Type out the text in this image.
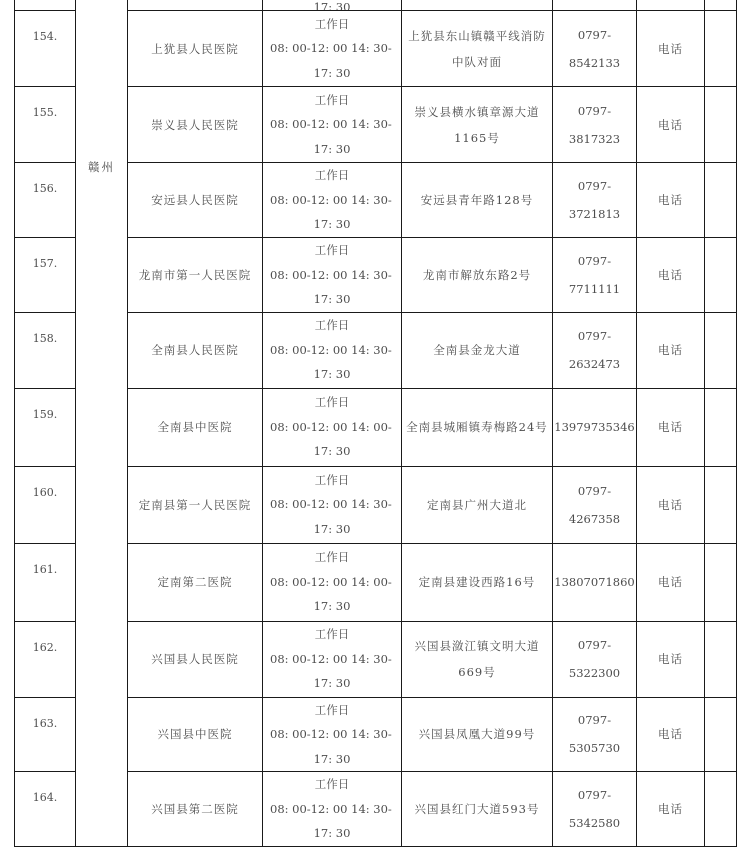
			17: 30				

154.	赣州	上犹县人民医院	工作日
08: 00-12: 00 14: 30-
17: 30	上犹县东山镇赣平线消防
中队对面	0797-
8542133	电话	
155.		崇义县人民医院	工作日
08: 00-12: 00 14: 30-
17: 30	崇义县横水镇章源大道
1165号	0797-
3817323	电话	
156.		安远县人民医院	工作日
08: 00-12: 00 14: 30-
17: 30	安远县青年路128号	0797-
3721813	电话	
157.		龙南市第一人民医院	工作日
08: 00-12: 00 14: 30-
17: 30	龙南市解放东路2号	0797-
7711111	电话	
158.		全南县人民医院	工作日
08: 00-12: 00 14: 30-
17: 30	全南县金龙大道	0797-
2632473	电话	
159.		全南县中医院	工作日
08: 00-12: 00 14: 00-
17: 30	全南县城厢镇寿梅路24号	13979735346	电话	
160.		定南县第一人民医院	工作日
08: 00-12: 00 14: 30-
17: 30	定南县广州大道北	0797-
4267358	电话	
161.		定南第二医院	工作日
08: 00-12: 00 14: 00-
17: 30	定南县建设西路16号	13807071860	电话	
162.		兴国县人民医院	工作日
08: 00-12: 00 14: 30-
17: 30	兴国县潋江镇文明大道
669号	0797-
5322300	电话	
163.		兴国县中医院	工作日
08: 00-12: 00 14: 30-
17: 30	兴国县凤凰大道99号	0797-
5305730	电话	
164.		兴国县第二医院	工作日
08: 00-12: 00 14: 30-
17: 30	兴国县红门大道593号	0797-
5342580	电话	
